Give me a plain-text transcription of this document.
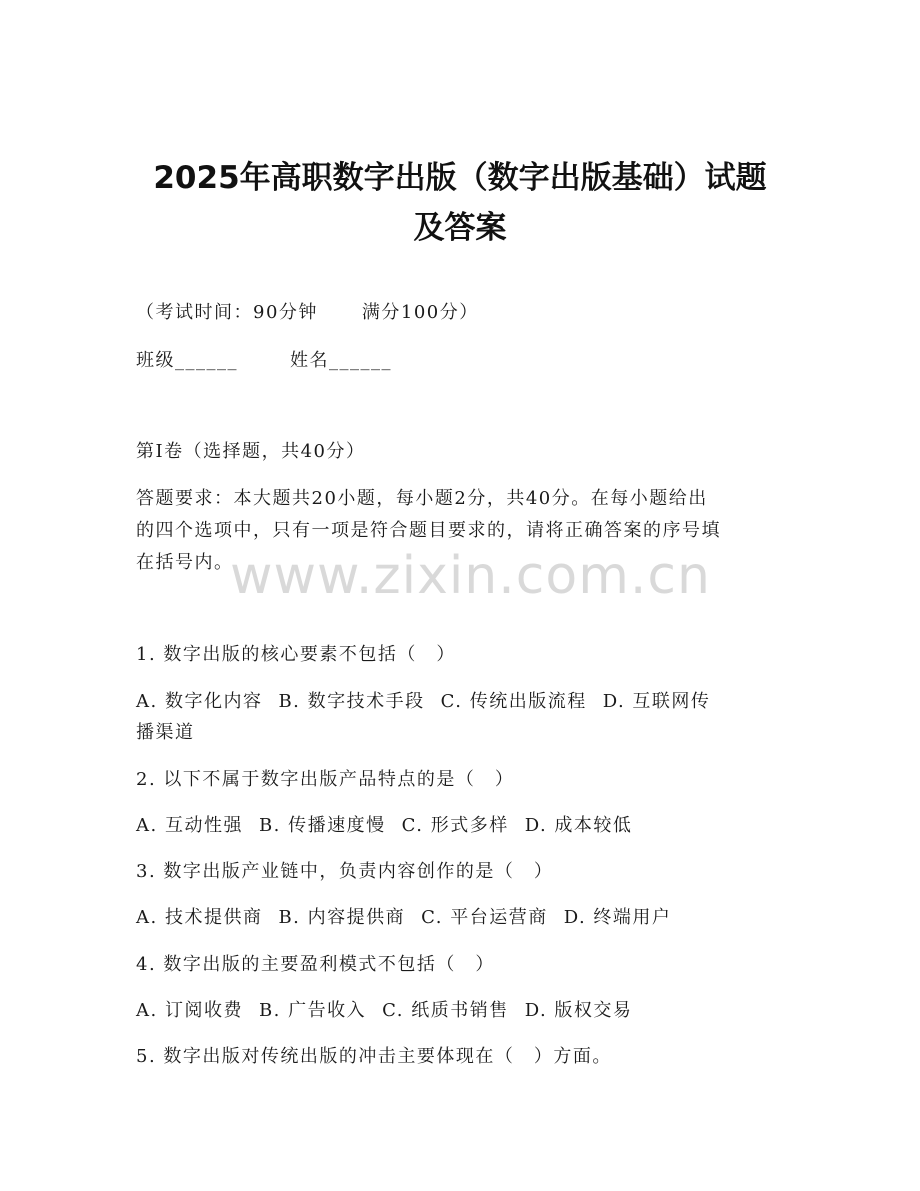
2025年高职数字出版（数字出版基础）试题
及答案
（考试时间：90分钟 满分100分）
班级______	姓名______
第I卷（选择题，共40分）
答题要求：本大题共20小题，每小题2分，共40分。在每小题给出
的四个选项中，只有一项是符合题目要求的，请将正确答案的序号填
在括号内。
www.zixin.com.cn
1. 数字出版的核心要素不包括（　）
A. 数字化内容 B. 数字技术手段 C. 传统出版流程 D. 互联网传
播渠道
2. 以下不属于数字出版产品特点的是（　）
A. 互动性强 B. 传播速度慢 C. 形式多样 D. 成本较低
3. 数字出版产业链中，负责内容创作的是（　）
A. 技术提供商 B. 内容提供商 C. 平台运营商 D. 终端用户
4. 数字出版的主要盈利模式不包括（　）
A. 订阅收费 B. 广告收入 C. 纸质书销售 D. 版权交易
5. 数字出版对传统出版的冲击主要体现在（　）方面。
